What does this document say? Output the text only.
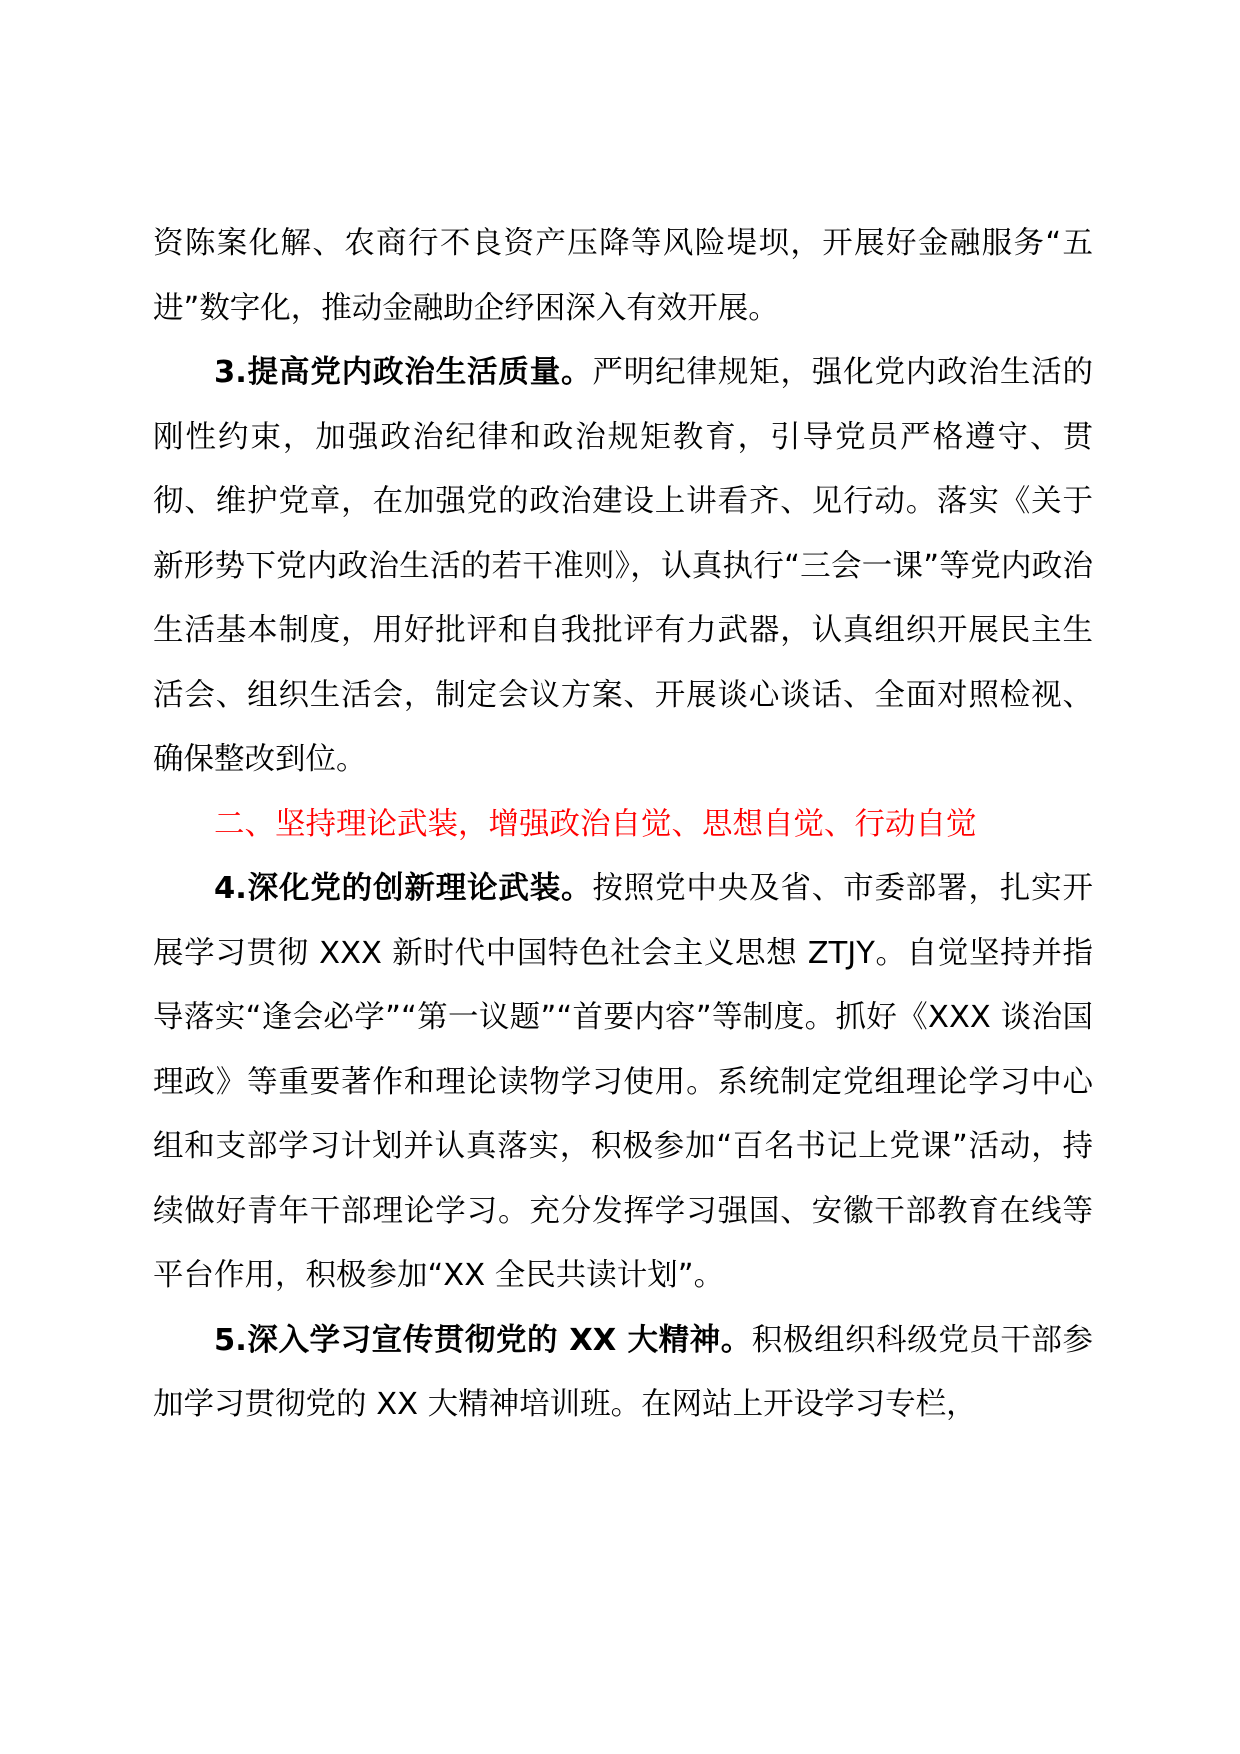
资陈案化解、农商行不良资产压降等风险堤坝，开展好金融服务“五进”数字化，推动金融助企纾困深入有效开展。

3.提高党内政治生活质量。严明纪律规矩，强化党内政治生活的刚性约束，加强政治纪律和政治规矩教育，引导党员严格遵守、贯彻、维护党章，在加强党的政治建设上讲看齐、见行动。落实《关于新形势下党内政治生活的若干准则》，认真执行“三会一课”等党内政治生活基本制度，用好批评和自我批评有力武器，认真组织开展民主生活会、组织生活会，制定会议方案、开展谈心谈话、全面对照检视、确保整改到位。

二、坚持理论武装，增强政治自觉、思想自觉、行动自觉

4.深化党的创新理论武装。按照党中央及省、市委部署，扎实开展学习贯彻 XXX 新时代中国特色社会主义思想 ZTJY。自觉坚持并指导落实“逢会必学”“第一议题”“首要内容”等制度。抓好《XXX 谈治国理政》等重要著作和理论读物学习使用。系统制定党组理论学习中心组和支部学习计划并认真落实，积极参加“百名书记上党课”活动，持续做好青年干部理论学习。充分发挥学习强国、安徽干部教育在线等平台作用，积极参加“XX 全民共读计划”。

5.深入学习宣传贯彻党的 XX 大精神。积极组织科级党员干部参加学习贯彻党的 XX 大精神培训班。在网站上开设学习专栏，
